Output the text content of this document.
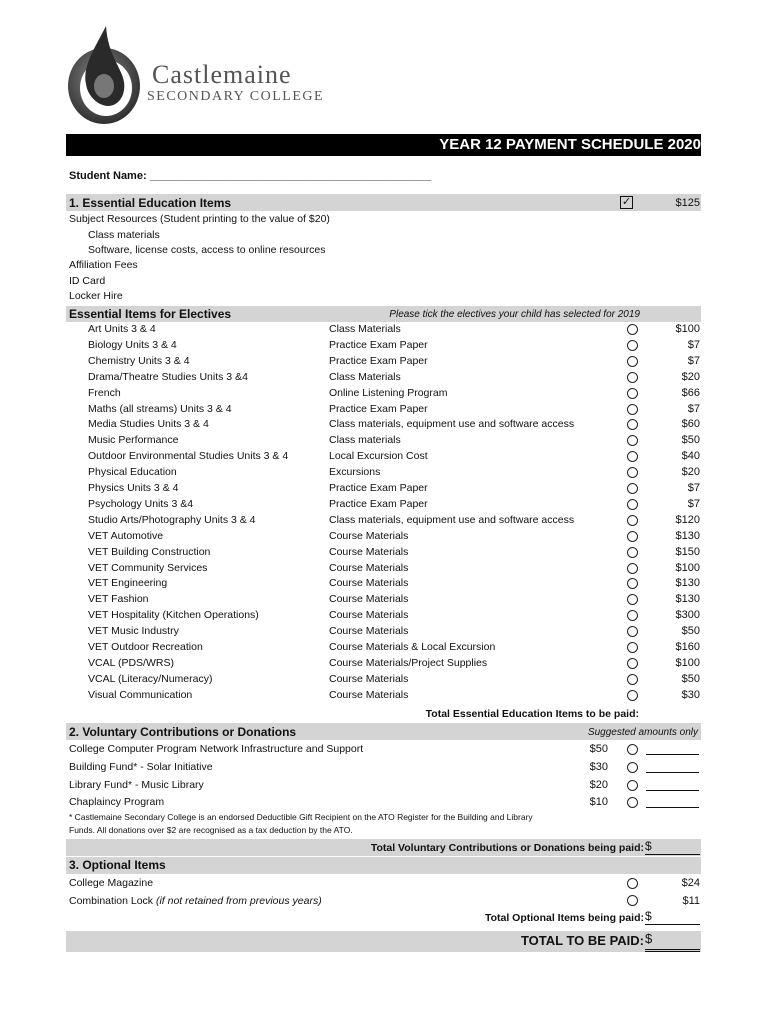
Castlemaine
SECONDARY COLLEGE
YEAR 12 PAYMENT SCHEDULE 2020
Student Name: ______________________________________________
1. Essential Education Items	✓	$125
Subject Resources (Student printing to the value of $20)
Class materials
Software, license costs, access to online resources
Affiliation Fees
ID Card
Locker Hire
Essential Items for Electives	Please tick the electives your child has selected for 2019
Art Units 3 & 4	Class Materials	$100
Biology Units 3 & 4	Practice Exam Paper	$7
Chemistry Units 3 & 4	Practice Exam Paper	$7
Drama/Theatre Studies Units 3 &4	Class Materials	$20
French	Online Listening Program	$66
Maths (all streams) Units 3 & 4	Practice Exam Paper	$7
Media Studies Units 3 & 4	Class materials, equipment use and software access	$60
Music Performance	Class materials	$50
Outdoor Environmental Studies Units 3 & 4	Local Excursion Cost	$40
Physical Education	Excursions	$20
Physics Units 3 & 4	Practice Exam Paper	$7
Psychology Units 3 &4	Practice Exam Paper	$7
Studio Arts/Photography Units 3 & 4	Class materials, equipment use and software access	$120
VET Automotive	Course Materials	$130
VET Building Construction	Course Materials	$150
VET Community Services	Course Materials	$100
VET Engineering	Course Materials	$130
VET Fashion	Course Materials	$130
VET Hospitality (Kitchen Operations)	Course Materials	$300
VET Music Industry	Course Materials	$50
VET Outdoor Recreation	Course Materials & Local Excursion	$160
VCAL (PDS/WRS)	Course Materials/Project Supplies	$100
VCAL (Literacy/Numeracy)	Course Materials	$50
Visual Communication	Course Materials	$30
Total Essential Education Items to be paid:
2. Voluntary Contributions or Donations	Suggested amounts only
College Computer Program Network Infrastructure and Support	$50
Building Fund* - Solar Initiative	$30
Library Fund* - Music Library	$20
Chaplaincy Program	$10
* Castlemaine Secondary College is an endorsed Deductible Gift Recipient on the ATO Register for the Building and Library
Funds. All donations over $2 are recognised as a tax deduction by the ATO.
Total Voluntary Contributions or Donations being paid: $
3. Optional Items
College Magazine	$24
Combination Lock (if not retained from previous years)	$11
Total Optional Items being paid: $
TOTAL TO BE PAID: $
